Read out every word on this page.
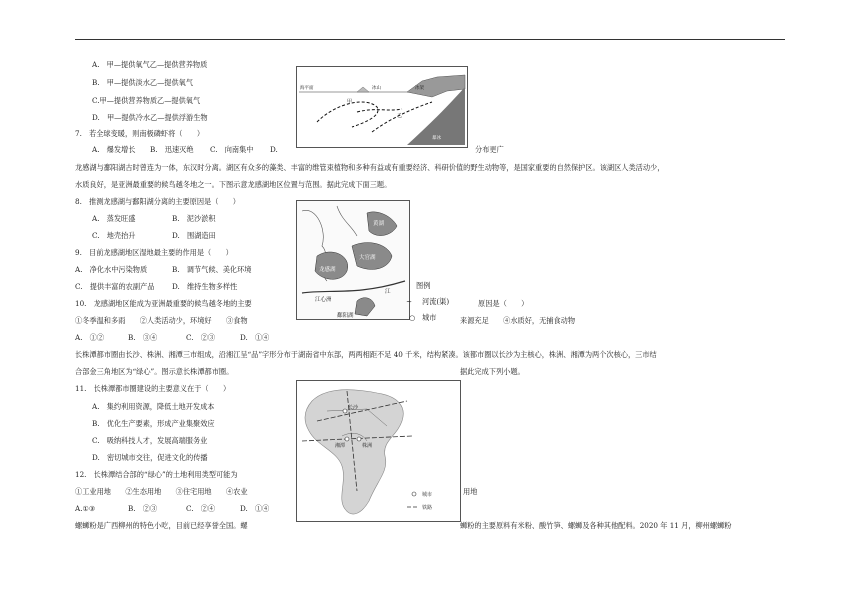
A.　甲—提供氧气乙—提供营养物质
B.　甲—提供淡水乙—提供氧气
C.甲—提供营养物质乙—提供氧气
D.　甲—提供冷水乙—提供浮游生物
7.　若全球变暖，则南极磷虾将（　　）
A.　爆发增长 B.　迅速灭绝 C.　向南集中 D.	分布更广
海平面	冰山	冰架
甲
乙
暴冰
龙感湖与鄱阳湖古时曾连为一体，东汉时分离。湖区有众多的藻类、丰富的维管束植物和多种有益或有重要经济、科研价值的野生动物等，是国家重要的自然保护区。该湖区人类活动少，
水质良好，是亚洲最重要的候鸟越冬地之一。下图示意龙感湖地区位置与范围。据此完成下面三题。
8.　推测龙感湖与鄱阳湖分离的主要原因是（　　）
A.　蒸发旺盛	B.　泥沙淤积
C.　地壳抬升	D.　围湖造田
9.　目前龙感湖地区湿地最主要的作用是（　　）
A.　净化水中污染物质	B.　调节气候、美化环境
C.　提供丰富的农副产品 D.　维持生物多样性
黄湖
龙感湖
大官湖
江心洲
鄱阳湖
江
图例
~ 河流(渠)
○ 城市
10.　龙感湖地区能成为亚洲最重要的候鸟越冬地的主要	原因是（　　）
①冬季温和多雨　　②人类活动少，环境好　　③食物	来源充足　　④水质好，无捕食动物
A.　①②	B.　③④	C.　②③	D.　①④
长株潭都市圈由长沙、株洲、湘潭三市组成，沿湘江呈“品”字形分布于湖南省中东部，两两相距不足 40 千米，结构紧凑。该都市圈以长沙为主核心，株洲、湘潭为两个次核心，三市结
合部金三角地区为“绿心”。图示意长株潭都市圈。	据此完成下列小题。
11.　长株潭都市圈建设的主要意义在于（　　）
A.　集约利用资源，降低土地开发成本
B.　优化生产要素，形成产业集聚效应
C.　吸纳科技人才，发展高端服务业
D.　密切城市交往，促进文化的传播
12.　长株潭结合部的“绿心”的土地利用类型可能为
①工业用地　　②生态用地　　③住宅用地　　④农业	用地
A.①③	B.　②③	C.　②④	D.　①④
长沙
湘潭	株洲
城市
铁路
螺蛳粉是广西柳州的特色小吃，目前已经享誉全国。螺	蛳粉的主要原料有米粉、酸竹笋、螺蛳及各种其他配料。2020 年 11 月，柳州螺蛳粉
